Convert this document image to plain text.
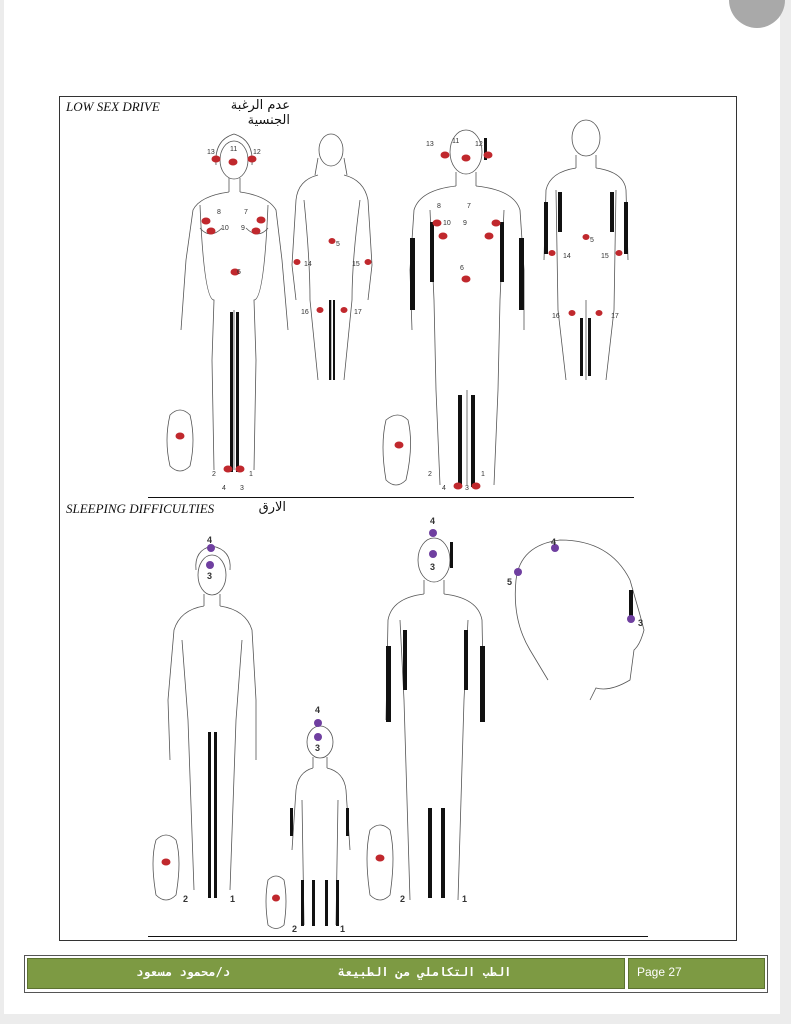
LOW SEX DRIVE	عدم الرغبة الجنسية
SLEEPING DIFFICULTIES	الارق
13 11 12
8	7
10 9
6
2	1
4 3
5
14	15
16	17
13	11 12
8	7
10 9
6
2	1
4	3
5
14	15
16	17
4
3
4
3
4
3
4
5
3
2	1	2	1
2	1
د/محمود مسعود	الطب التكاملي من الطبيعة	Page 27
